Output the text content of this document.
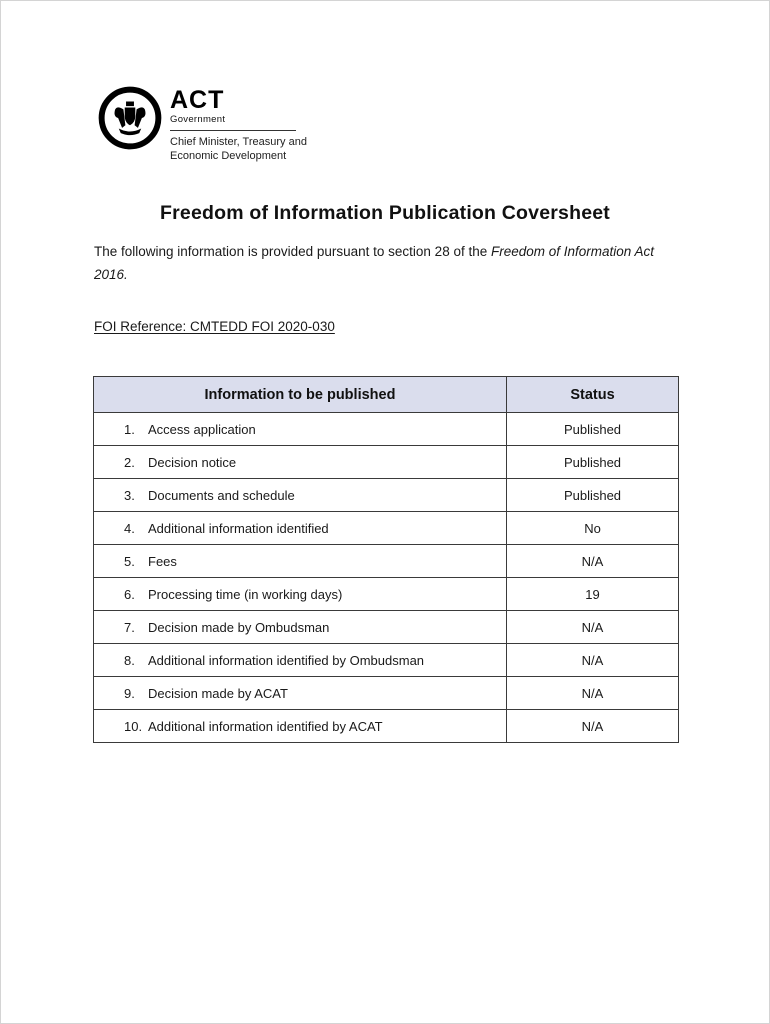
ACT
Government
Chief Minister, Treasury and
Economic Development
Freedom of Information Publication Coversheet

The following information is provided pursuant to section 28 of the Freedom of Information Act 2016.

FOI Reference: CMTEDD FOI 2020-030
Information to be published	Status
1. Access application	Published
2. Decision notice	Published
3. Documents and schedule	Published
4. Additional information identified	No
5. Fees	N/A
6. Processing time (in working days)	19
7. Decision made by Ombudsman	N/A
8. Additional information identified by Ombudsman	N/A
9. Decision made by ACAT	N/A
10. Additional information identified by ACAT	N/A
